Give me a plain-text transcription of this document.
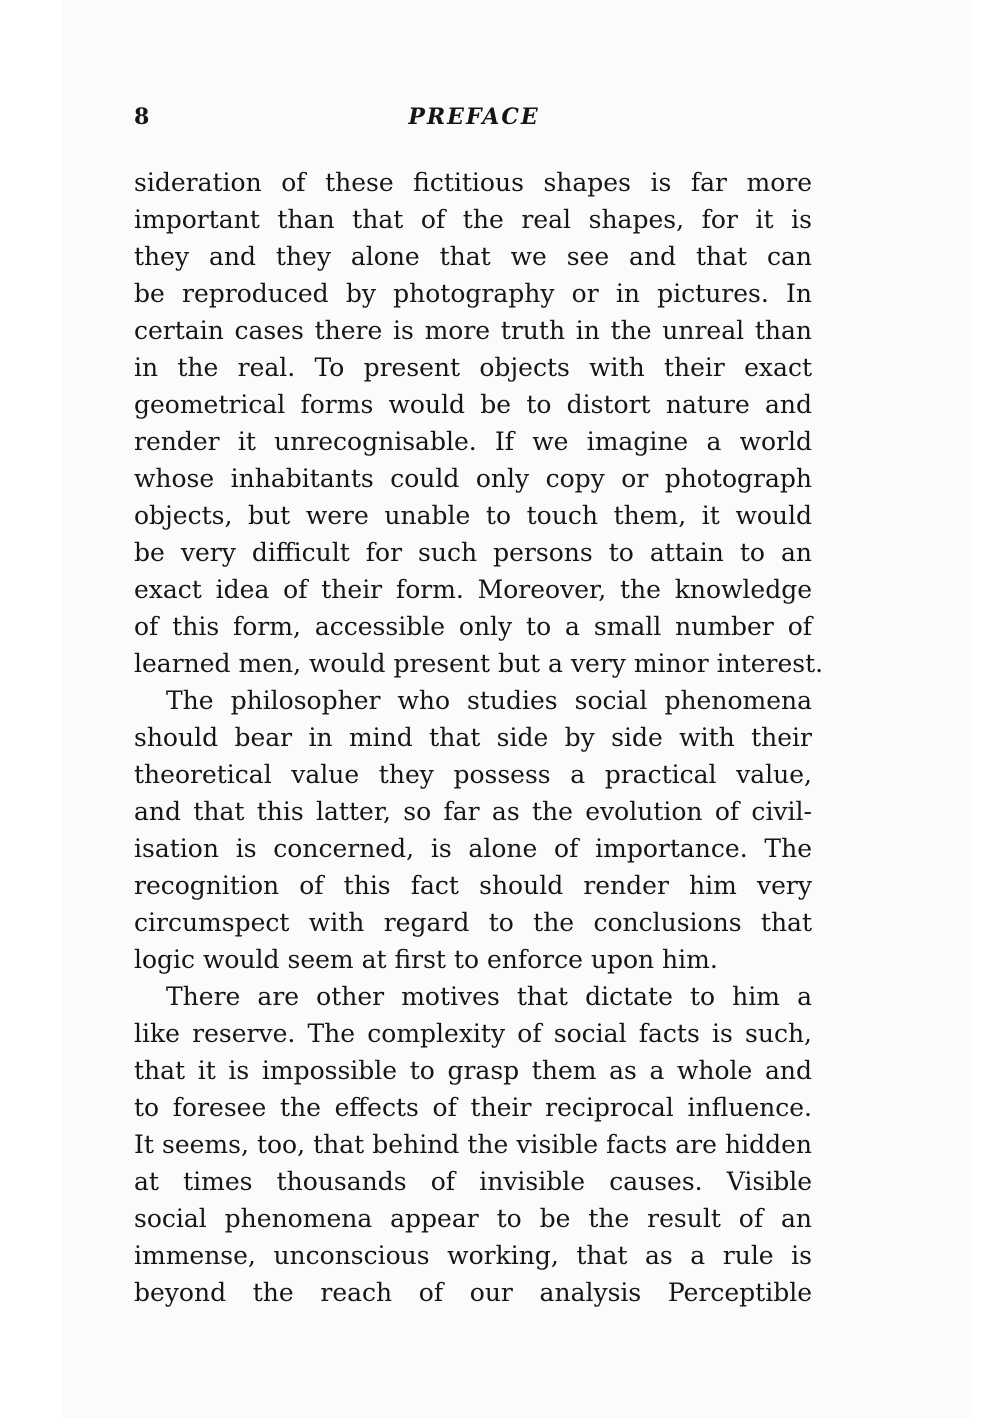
8	PREFACE
sideration of these fictitious shapes is far more
important than that of the real shapes, for it is
they and they alone that we see and that can
be reproduced by photography or in pictures. In
certain cases there is more truth in the unreal than
in the real. To present objects with their exact
geometrical forms would be to distort nature and
render it unrecognisable. If we imagine a world
whose inhabitants could only copy or photograph
objects, but were unable to touch them, it would
be very difficult for such persons to attain to an
exact idea of their form. Moreover, the knowledge
of this form, accessible only to a small number of
learned men, would present but a very minor interest.
The philosopher who studies social phenomena
should bear in mind that side by side with their
theoretical value they possess a practical value,
and that this latter, so far as the evolution of civil-
isation is concerned, is alone of importance. The
recognition of this fact should render him very
circumspect with regard to the conclusions that
logic would seem at first to enforce upon him.
There are other motives that dictate to him a
like reserve. The complexity of social facts is such,
that it is impossible to grasp them as a whole and
to foresee the effects of their reciprocal influence.
It seems, too, that behind the visible facts are hidden
at times thousands of invisible causes. Visible
social phenomena appear to be the result of an
immense, unconscious working, that as a rule is
beyond the reach of our analysis Perceptible
